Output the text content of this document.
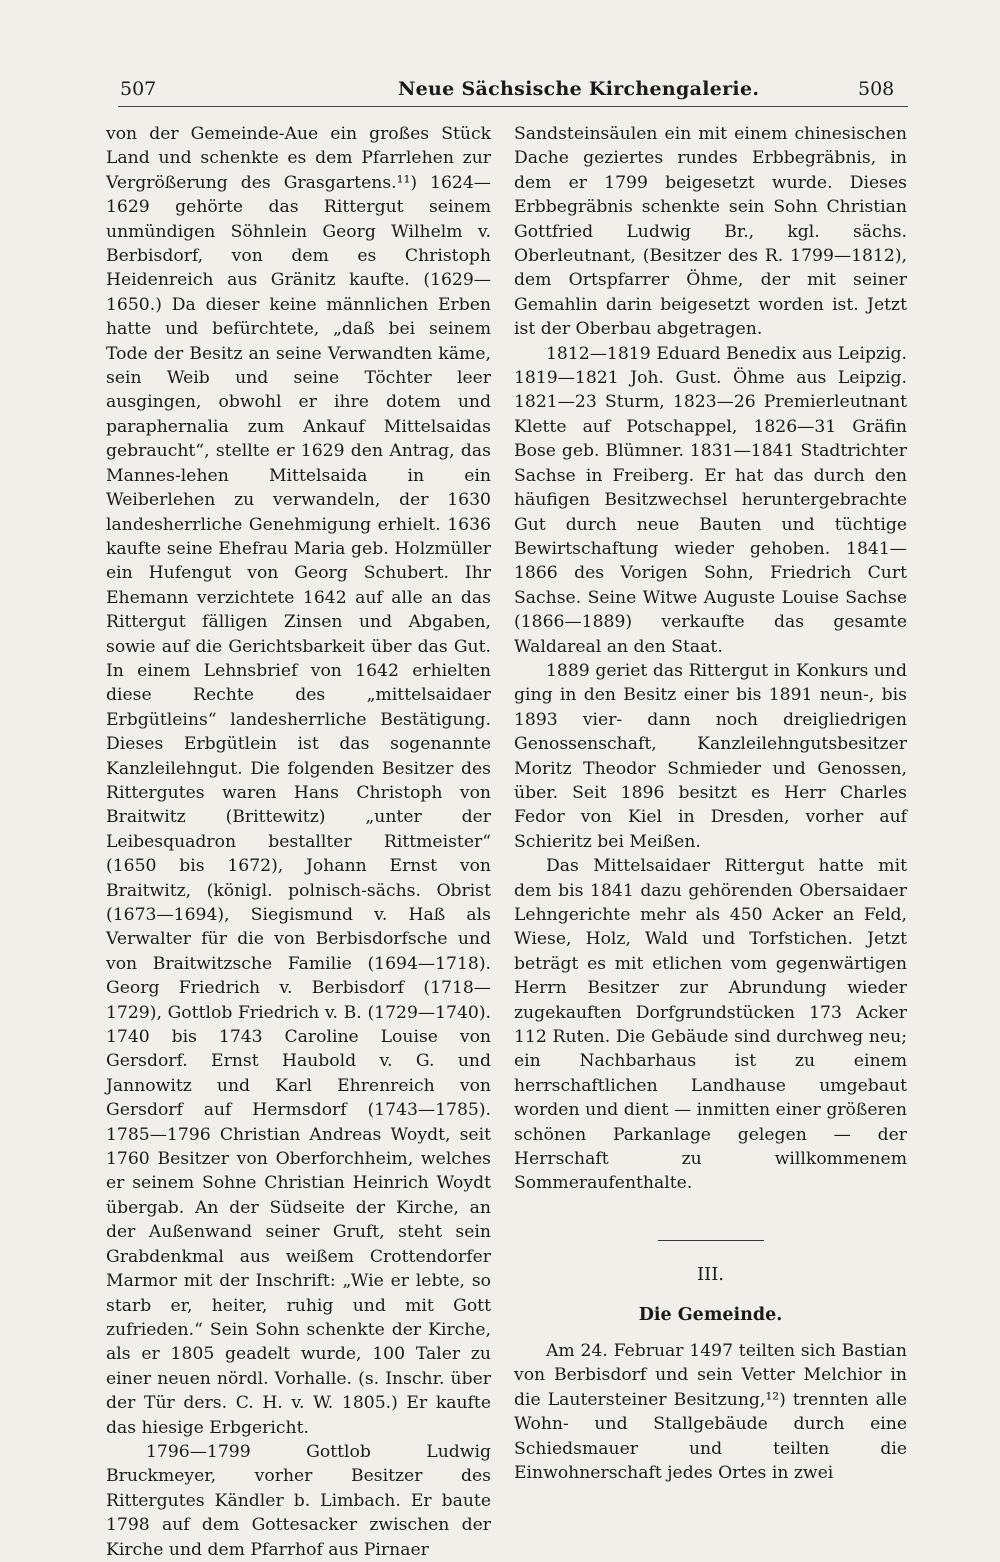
507	Neue Sächsische Kirchengalerie.	508

von der Gemeinde-Aue ein großes Stück Land und schenkte es dem Pfarrlehen zur Vergrößerung des Grasgartens.¹¹) 1624—1629 gehörte das Rittergut seinem unmündigen Söhnlein Georg Wilhelm v. Berbisdorf, von dem es Christoph Heidenreich aus Gränitz kaufte. (1629—1650.) Da dieser keine männlichen Erben hatte und befürchtete, „daß bei seinem Tode der Besitz an seine Verwandten käme, sein Weib und seine Töchter leer ausgingen, obwohl er ihre dotem und paraphernalia zum Ankauf Mittelsaidas gebraucht“, stellte er 1629 den Antrag, das Mannes-lehen Mittelsaida in ein Weiberlehen zu verwandeln, der 1630 landesherrliche Genehmigung erhielt. 1636 kaufte seine Ehefrau Maria geb. Holzmüller ein Hufengut von Georg Schubert. Ihr Ehemann verzichtete 1642 auf alle an das Rittergut fälligen Zinsen und Abgaben, sowie auf die Gerichtsbarkeit über das Gut. In einem Lehnsbrief von 1642 erhielten diese Rechte des „mittelsaidaer Erbgütleins“ landesherrliche Bestätigung. Dieses Erbgütlein ist das sogenannte Kanzleilehngut. Die folgenden Besitzer des Rittergutes waren Hans Christoph von Braitwitz (Brittewitz) „unter der Leibesquadron bestallter Rittmeister“ (1650 bis 1672), Johann Ernst von Braitwitz, (königl. polnisch-sächs. Obrist (1673—1694), Siegismund v. Haß als Verwalter für die von Berbisdorfsche und von Braitwitzsche Familie (1694—1718). Georg Friedrich v. Berbisdorf (1718—1729), Gottlob Friedrich v. B. (1729—1740). 1740 bis 1743 Caroline Louise von Gersdorf. Ernst Haubold v. G. und Jannowitz und Karl Ehrenreich von Gersdorf auf Hermsdorf (1743—1785). 1785—1796 Christian Andreas Woydt, seit 1760 Besitzer von Oberforchheim, welches er seinem Sohne Christian Heinrich Woydt übergab. An der Südseite der Kirche, an der Außenwand seiner Gruft, steht sein Grabdenkmal aus weißem Crottendorfer Marmor mit der Inschrift: „Wie er lebte, so starb er, heiter, ruhig und mit Gott zufrieden.“ Sein Sohn schenkte der Kirche, als er 1805 geadelt wurde, 100 Taler zu einer neuen nördl. Vorhalle. (s. Inschr. über der Tür ders. C. H. v. W. 1805.) Er kaufte das hiesige Erbgericht.

1796—1799 Gottlob Ludwig Bruckmeyer, vorher Besitzer des Rittergutes Kändler b. Limbach. Er baute 1798 auf dem Gottesacker zwischen der Kirche und dem Pfarrhof aus Pirnaer

Sandsteinsäulen ein mit einem chinesischen Dache geziertes rundes Erbbegräbnis, in dem er 1799 beigesetzt wurde. Dieses Erbbegräbnis schenkte sein Sohn Christian Gottfried Ludwig Br., kgl. sächs. Oberleutnant, (Besitzer des R. 1799—1812), dem Ortspfarrer Öhme, der mit seiner Gemahlin darin beigesetzt worden ist. Jetzt ist der Oberbau abgetragen.

1812—1819 Eduard Benedix aus Leipzig. 1819—1821 Joh. Gust. Öhme aus Leipzig. 1821—23 Sturm, 1823—26 Premierleutnant Klette auf Potschappel, 1826—31 Gräfin Bose geb. Blümner. 1831—1841 Stadtrichter Sachse in Freiberg. Er hat das durch den häufigen Besitzwechsel heruntergebrachte Gut durch neue Bauten und tüchtige Bewirtschaftung wieder gehoben. 1841—1866 des Vorigen Sohn, Friedrich Curt Sachse. Seine Witwe Auguste Louise Sachse (1866—1889) verkaufte das gesamte Waldareal an den Staat.

1889 geriet das Rittergut in Konkurs und ging in den Besitz einer bis 1891 neun-, bis 1893 vier- dann noch dreigliedrigen Genossenschaft, Kanzleilehngutsbesitzer Moritz Theodor Schmieder und Genossen, über. Seit 1896 besitzt es Herr Charles Fedor von Kiel in Dresden, vorher auf Schieritz bei Meißen.

Das Mittelsaidaer Rittergut hatte mit dem bis 1841 dazu gehörenden Obersaidaer Lehngerichte mehr als 450 Acker an Feld, Wiese, Holz, Wald und Torfstichen. Jetzt beträgt es mit etlichen vom gegenwärtigen Herrn Besitzer zur Abrundung wieder zugekauften Dorfgrundstücken 173 Acker 112 Ruten. Die Gebäude sind durchweg neu; ein Nachbarhaus ist zu einem herrschaftlichen Landhause umgebaut worden und dient — inmitten einer größeren schönen Parkanlage gelegen — der Herrschaft zu willkommenem Sommeraufenthalte.

III.
Die Gemeinde.

Am 24. Februar 1497 teilten sich Bastian von Berbisdorf und sein Vetter Melchior in die Lautersteiner Besitzung,¹²) trennten alle Wohn- und Stallgebäude durch eine Schiedsmauer und teilten die Einwohnerschaft jedes Ortes in zwei
